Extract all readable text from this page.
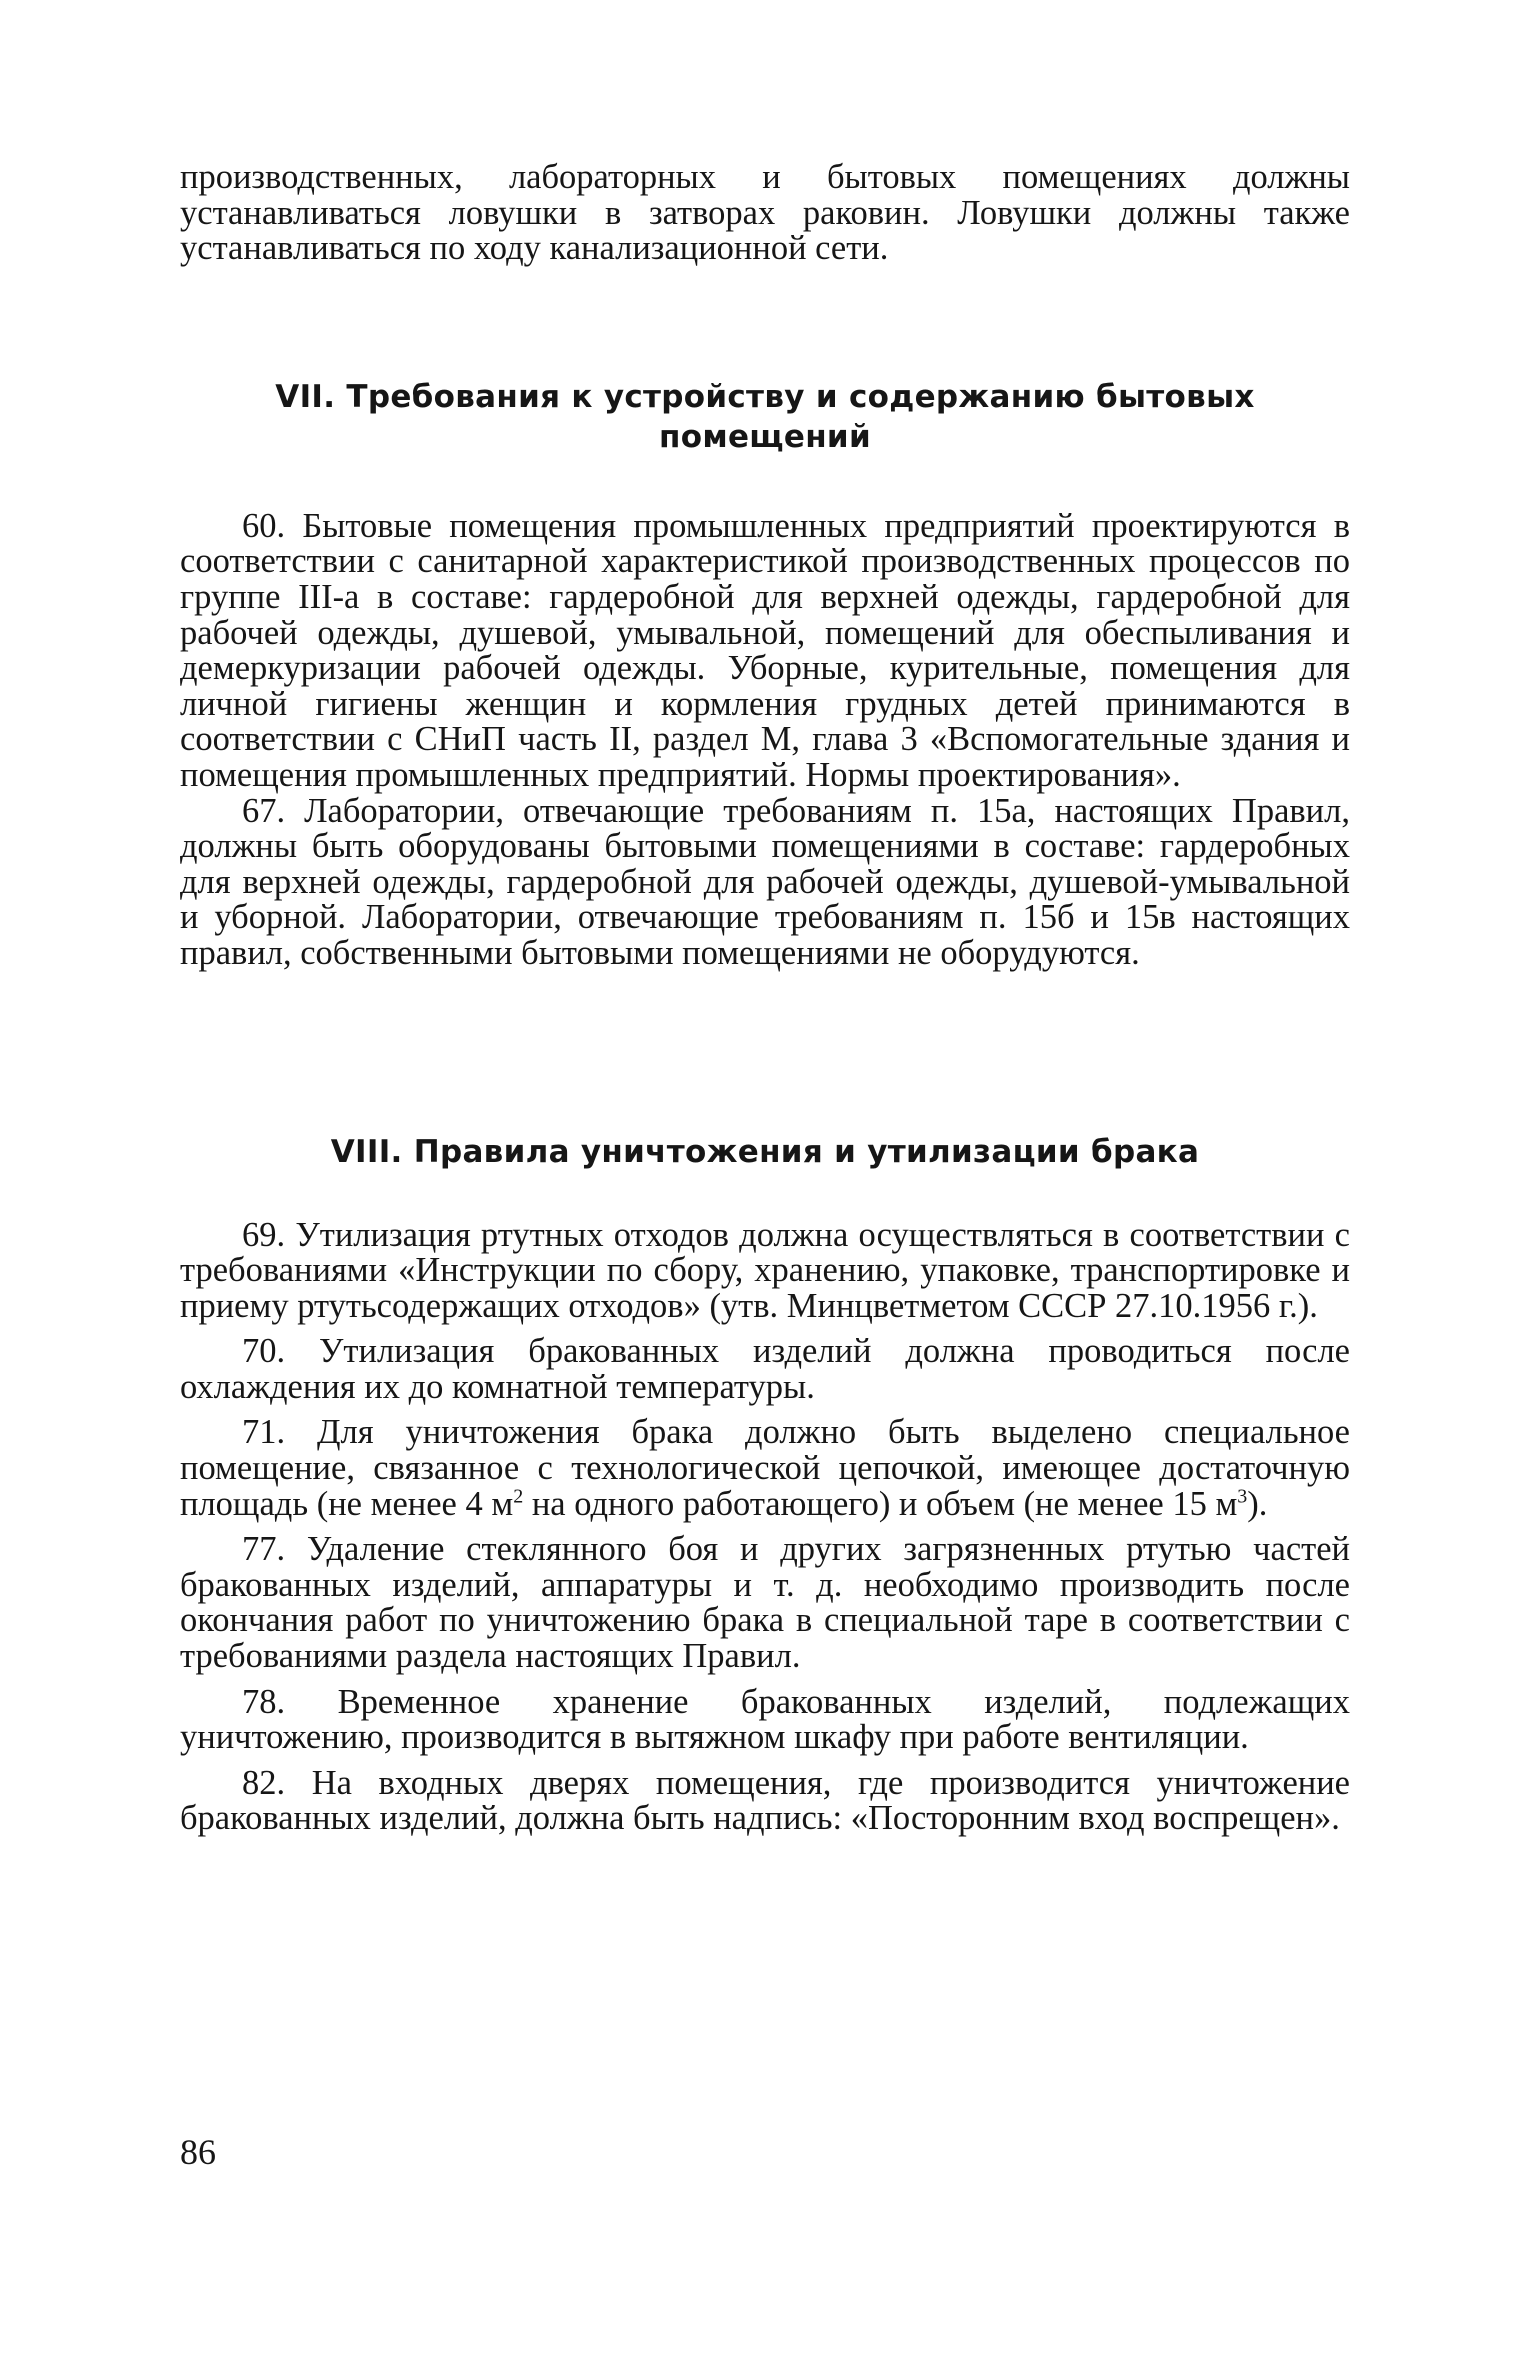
производственных, лабораторных и бытовых помещениях должны устанавливаться ловушки в затворах раковин. Ловушки должны также устанавливаться по ходу канализационной сети.

VII. Требования к устройству и содержанию бытовых помещений

60. Бытовые помещения промышленных предприятий проектируются в соответствии с санитарной характеристикой производственных процессов по группе III-а в составе: гардеробной для верхней одежды, гардеробной для рабочей одежды, душевой, умывальной, помещений для обеспыливания и демеркуризации рабочей одежды. Уборные, курительные, помещения для личной гигиены женщин и кормления грудных детей принимаются в соответствии с СНиП часть II, раздел М, глава 3 «Вспомогательные здания и помещения промышленных предприятий. Нормы проектирования».

67. Лаборатории, отвечающие требованиям п. 15а, настоящих Правил, должны быть оборудованы бытовыми помещениями в составе: гардеробных для верхней одежды, гардеробной для рабочей одежды, душевой-умывальной и уборной. Лаборатории, отвечающие требованиям п. 15б и 15в настоящих правил, собственными бытовыми помещениями не оборудуются.

VIII. Правила уничтожения и утилизации брака

69. Утилизация ртутных отходов должна осуществляться в соответствии с требованиями «Инструкции по сбору, хранению, упаковке, транспортировке и приему ртутьсодержащих отходов» (утв. Минцветметом СССР 27.10.1956 г.).

70. Утилизация бракованных изделий должна проводиться после охлаждения их до комнатной температуры.

71. Для уничтожения брака должно быть выделено специальное помещение, связанное с технологической цепочкой, имеющее достаточную площадь (не менее 4 $м^2$ на одного работающего) и объем (не менее 15 $м^3$).

77. Удаление стеклянного боя и других загрязненных ртутью частей бракованных изделий, аппаратуры и т. д. необходимо производить после окончания работ по уничтожению брака в специальной таре в соответствии с требованиями раздела настоящих Правил.

78. Временное хранение бракованных изделий, подлежащих уничтожению, производится в вытяжном шкафу при работе вентиляции.

82. На входных дверях помещения, где производится уничтожение бракованных изделий, должна быть надпись: «Посторонним вход воспрещен».

86
